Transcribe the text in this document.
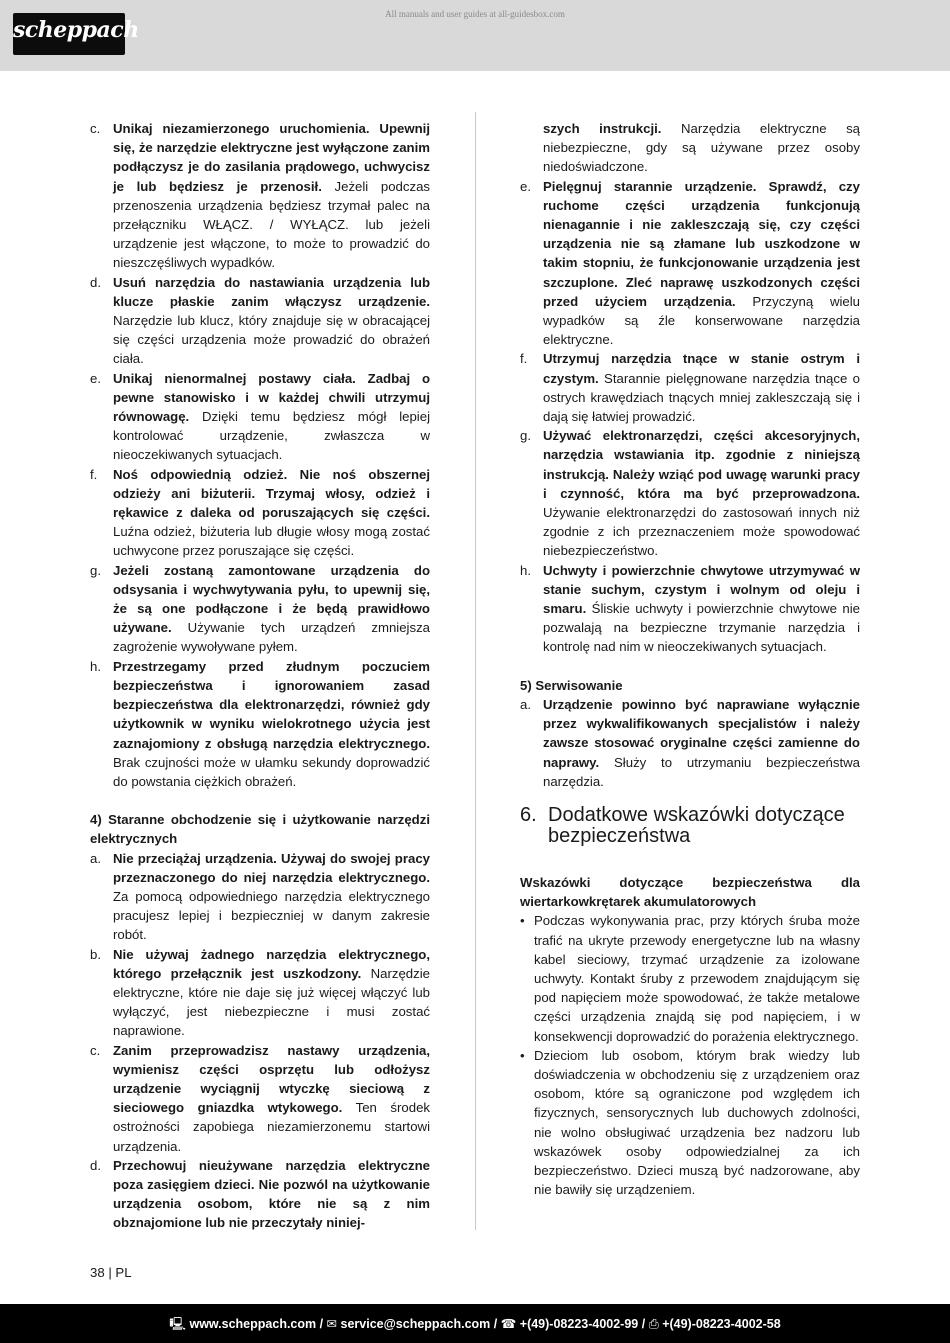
scheppach
All manuals and user guides at all-guidesbox.com
c. Unikaj niezamierzonego uruchomienia. Upewnij się, że narzędzie elektryczne jest wyłączone zanim podłączysz je do zasilania prądowego, uchwycisz je lub będziesz je przenosił. Jeżeli podczas przenoszenia urządzenia będziesz trzymał palec na przełączniku WŁĄCZ. / WYŁĄCZ. lub jeżeli urządzenie jest włączone, to może to prowadzić do nieszczęśliwych wypadków.
d. Usuń narzędzia do nastawiania urządzenia lub klucze płaskie zanim włączysz urządzenie. Narzędzie lub klucz, który znajduje się w obracającej się części urządzenia może prowadzić do obrażeń ciała.
e. Unikaj nienormalnej postawy ciała. Zadbaj o pewne stanowisko i w każdej chwili utrzymuj równowagę. Dzięki temu będziesz mógł lepiej kontrolować urządzenie, zwłaszcza w nieoczekiwanych sytuacjach.
f.	Noś odpowiednią odzież. Nie noś obszernej odzieży ani biżuterii. Trzymaj włosy, odzież i rękawice z daleka od poruszających się części. Luźna odzież, biżuteria lub długie włosy mogą zostać uchwycone przez poruszające się części.
g. Jeżeli zostaną zamontowane urządzenia do odsysania i wychwytywania pyłu, to upewnij się, że są one podłączone i że będą prawidłowo używane. Używanie tych urządzeń zmniejsza zagrożenie wywoływane pyłem.
h. Przestrzegamy przed złudnym poczuciem bezpieczeństwa i ignorowaniem zasad bezpieczeństwa dla elektronarzędzi, również gdy użytkownik w wyniku wielokrotnego użycia jest zaznajomiony z obsługą narzędzia elektrycznego. Brak czujności może w ułamku sekundy doprowadzić do powstania ciężkich obrażeń.
4) Staranne obchodzenie się i użytkowanie narzędzi elektrycznych
a. Nie przeciążaj urządzenia. Używaj do swojej pracy przeznaczonego do niej narzędzia elektrycznego. Za pomocą odpowiedniego narzędzia elektrycznego pracujesz lepiej i bezpieczniej w danym zakresie robót.
b. Nie używaj żadnego narzędzia elektrycznego, którego przełącznik jest uszkodzony. Narzędzie elektryczne, które nie daje się już więcej włączyć lub wyłączyć, jest niebezpieczne i musi zostać naprawione.
c. Zanim przeprowadzisz nastawy urządzenia, wymienisz części osprzętu lub odłożysz urządzenie wyciągnij wtyczkę sieciową z sieciowego gniazdka wtykowego. Ten środek ostrożności zapobiega niezamierzonemu startowi urządzenia.
d. Przechowuj nieużywane narzędzia elektryczne poza zasięgiem dzieci. Nie pozwól na użytkowanie urządzenia osobom, które nie są z nim obznajomione lub nie przeczytały niniej-
szych instrukcji. Narzędzia elektryczne są niebezpieczne, gdy są używane przez osoby niedoświadczone.
e. Pielęgnuj starannie urządzenie. Sprawdź, czy ruchome części urządzenia funkcjonują nienagannie i nie zakleszczają się, czy części urządzenia nie są złamane lub uszkodzone w takim stopniu, że funkcjonowanie urządzenia jest szczuplone. Zleć naprawę uszkodzonych części przed użyciem urządzenia. Przyczyną wielu wypadków są źle konserwowane narzędzia elektryczne.
f.	Utrzymuj narzędzia tnące w stanie ostrym i czystym. Starannie pielęgnowane narzędzia tnące o ostrych krawędziach tnących mniej zakleszczają się i dają się łatwiej prowadzić.
g. Używać elektronarzędzi, części akcesoryjnych, narzędzia wstawiania itp. zgodnie z niniejszą instrukcją. Należy wziąć pod uwagę warunki pracy i czynność, która ma być przeprowadzona. Używanie elektronarzędzi do zastosowań innych niż zgodnie z ich przeznaczeniem może spowodować niebezpieczeństwo.
h. Uchwyty i powierzchnie chwytowe utrzymywać w stanie suchym, czystym i wolnym od oleju i smaru. Śliskie uchwyty i powierzchnie chwytowe nie pozwalają na bezpieczne trzymanie narzędzia i kontrolę nad nim w nieoczekiwanych sytuacjach.
5) Serwisowanie
a. Urządzenie powinno być naprawiane wyłącznie przez wykwalifikowanych specjalistów i należy zawsze stosować oryginalne części zamienne do naprawy. Służy to utrzymaniu bezpieczeństwa narzędzia.
6. Dodatkowe wskazówki dotyczące bezpieczeństwa
Wskazówki dotyczące bezpieczeństwa dla wiertarkowkrętarek akumulatorowych
• Podczas wykonywania prac, przy których śruba może trafić na ukryte przewody energetyczne lub na własny kabel sieciowy, trzymać urządzenie za izolowane uchwyty. Kontakt śruby z przewodem znajdującym się pod napięciem może spowodować, że także metalowe części urządzenia znajdą się pod napięciem, i w konsekwencji doprowadzić do porażenia elektrycznego.
• Dzieciom lub osobom, którym brak wiedzy lub doświadczenia w obchodzeniu się z urządzeniem oraz osobom, które są ograniczone pod względem ich fizycznych, sensorycznych lub duchowych zdolności, nie wolno obsługiwać urządzenia bez nadzoru lub wskazówek osoby odpowiedzialnej za ich bezpieczeństwo. Dzieci muszą być nadzorowane, aby nie bawiły się urządzeniem.
38 | PL
🖳 www.scheppach.com / ✉ service@scheppach.com / ☎ +(49)-08223-4002-99 / ⎙ +(49)-08223-4002-58
